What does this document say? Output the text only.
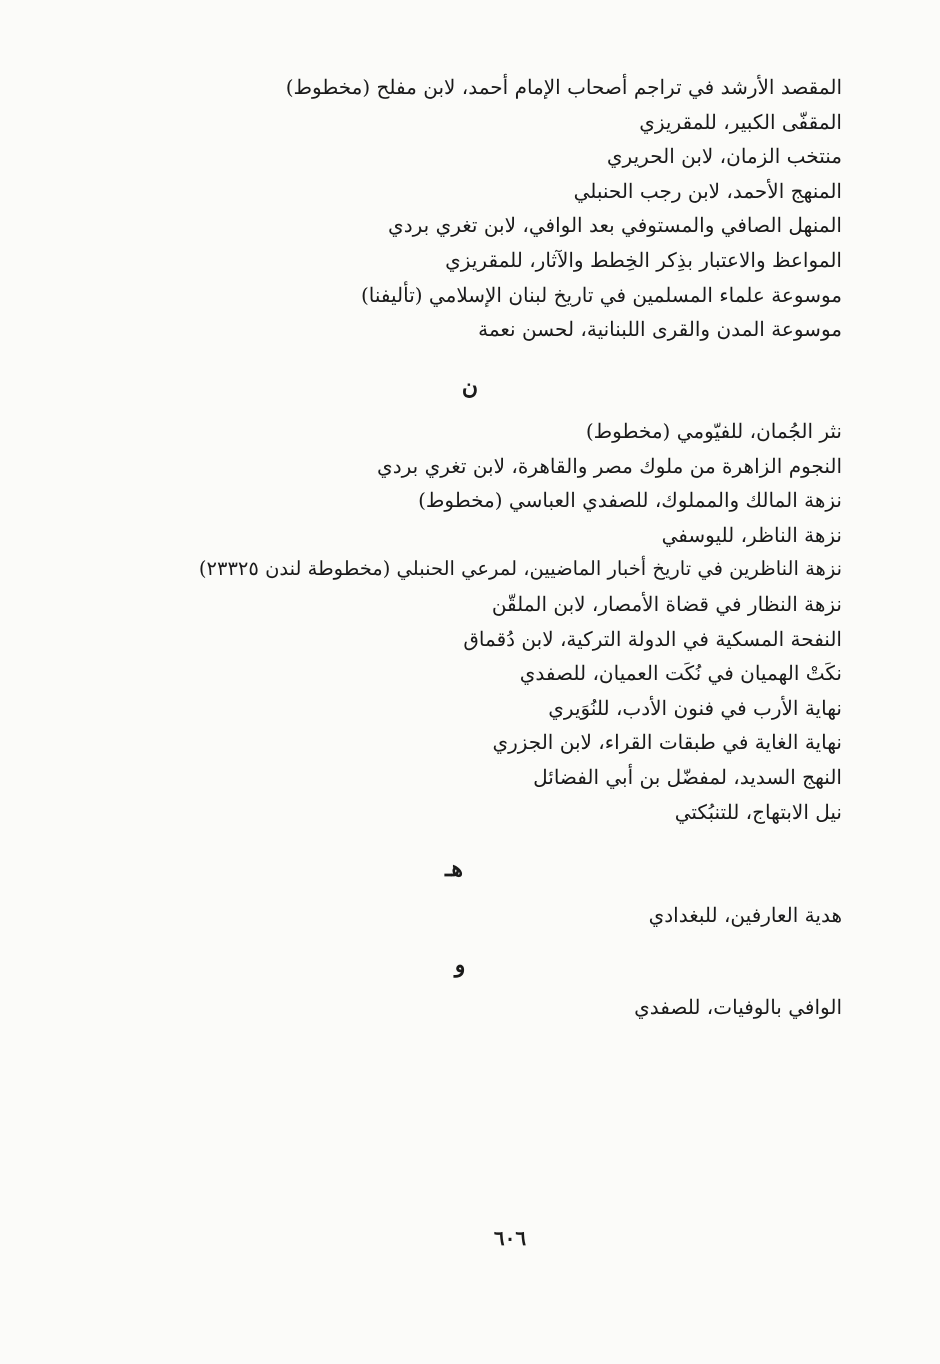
المقصد الأرشد في تراجم أصحاب الإمام أحمد، لابن مفلح (مخطوط)
المقفّى الكبير، للمقريزي
منتخب الزمان، لابن الحريري
المنهج الأحمد، لابن رجب الحنبلي
المنهل الصافي والمستوفي بعد الوافي، لابن تغري بردي
المواعظ والاعتبار بذِكر الخِطط والآثار، للمقريزي
موسوعة علماء المسلمين في تاريخ لبنان الإسلامي (تأليفنا)
موسوعة المدن والقرى اللبنانية، لحسن نعمة
ن
نثر الجُمان، للفيّومي (مخطوط)
النجوم الزاهرة من ملوك مصر والقاهرة، لابن تغري بردي
نزهة المالك والمملوك، للصفدي العباسي (مخطوط)
نزهة الناظر، لليوسفي
نزهة الناظرين في تاريخ أخبار الماضيين، لمرعي الحنبلي (مخطوطة لندن ٢٣٣٢٥)
نزهة النظار في قضاة الأمصار، لابن الملقّن
النفحة المسكية في الدولة التركية، لابن دُقماق
نكَتْ الهميان في نُكَت العميان، للصفدي
نهاية الأرب في فنون الأدب، للنُوَيري
نهاية الغاية في طبقات القراء، لابن الجزري
النهج السديد، لمفضّل بن أبي الفضائل
نيل الابتهاج، للتنبُكتي
هـ
هدية العارفين، للبغدادي
و
الوافي بالوفيات، للصفدي
٦٠٦
